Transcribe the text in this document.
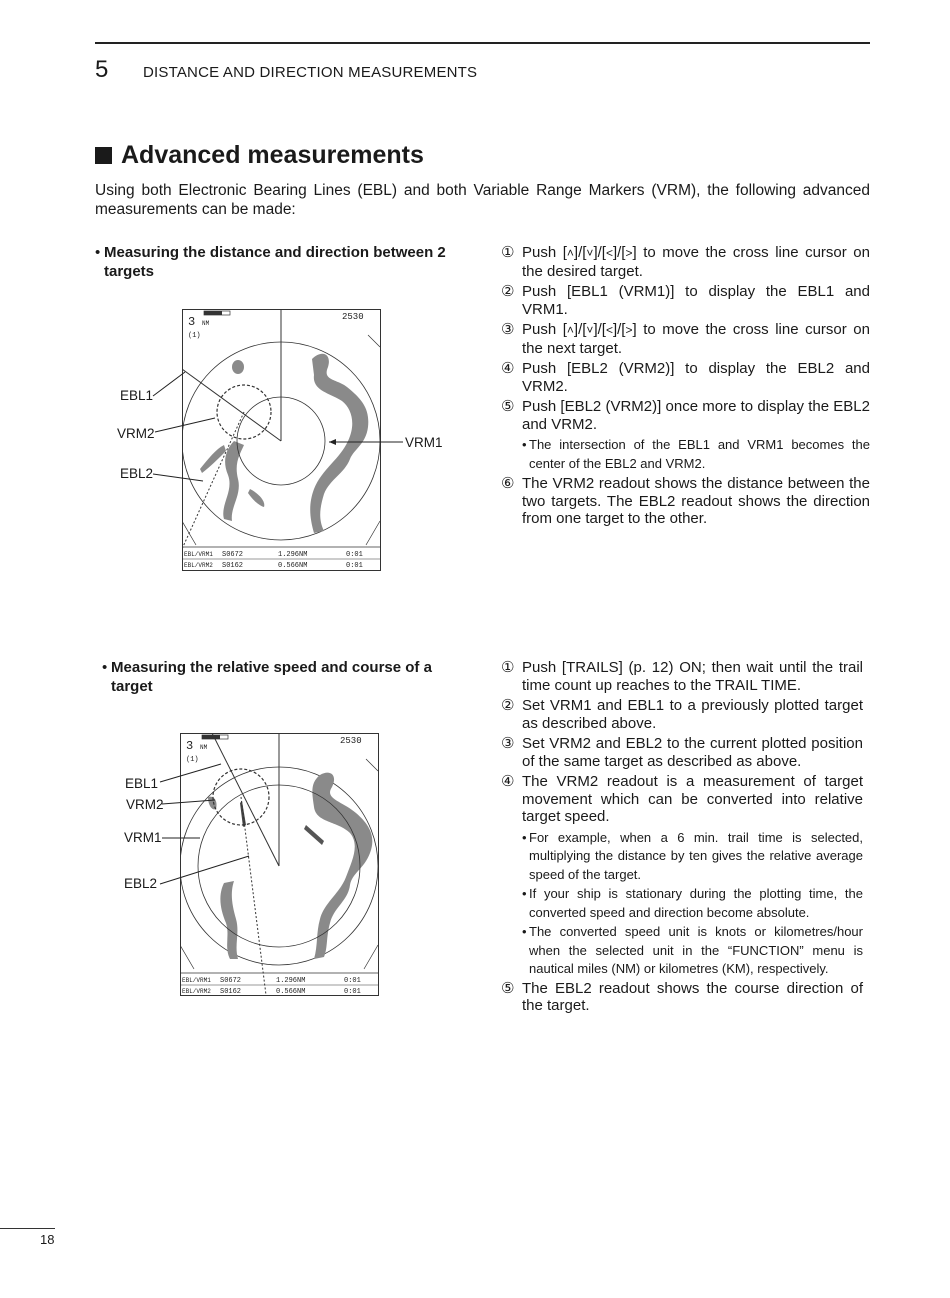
5 DISTANCE AND DIRECTION MEASUREMENTS
Advanced measurements
Using both Electronic Bearing Lines (EBL) and both Variable Range Markers (VRM), the following advanced measurements can be made:
• Measuring the distance and direction between 2 targets
3 NM
(1)
2530
EBL/VRM1 S0672	1.296NM	0:01
EBL/VRM2 S0162	0.566NM	0:01
EBL1
VRM2
EBL2
VRM1
① Push [˄]/[˅]/[<]/[>] to move the cross line cursor on the desired target.
② Push [EBL1 (VRM1)] to display the EBL1 and VRM1.
③ Push [˄]/[˅]/[<]/[>] to move the cross line cursor on the next target.
④ Push [EBL2 (VRM2)] to display the EBL2 and VRM2.
⑤ Push [EBL2 (VRM2)] once more to display the EBL2 and VRM2.
• The intersection of the EBL1 and VRM1 becomes the center of the EBL2 and VRM2.
⑥ The VRM2 readout shows the distance between the two targets. The EBL2 readout shows the direction from one target to the other.
• Measuring the relative speed and course of a target
3 NM
(1)
2530
EBL/VRM1 S0672	1.296NM	0:01
EBL/VRM2 S0162	0.566NM	0:01
EBL1
VRM2
VRM1
EBL2
① Push [TRAILS] (p. 12) ON; then wait until the trail time count up reaches to the TRAIL TIME.
② Set VRM1 and EBL1 to a previously plotted target as described above.
③ Set VRM2 and EBL2 to the current plotted position of the same target as described as above.
④ The VRM2 readout is a measurement of target movement which can be converted into relative target speed.
• For example, when a 6 min. trail time is selected, multiplying the distance by ten gives the relative average speed of the target.
• If your ship is stationary during the plotting time, the converted speed and direction become absolute.
• The converted speed unit is knots or kilometres/hour when the selected unit in the “FUNCTION” menu is nautical miles (NM) or kilometres (KM), respectively.
⑤ The EBL2 readout shows the course direction of the target.
18
